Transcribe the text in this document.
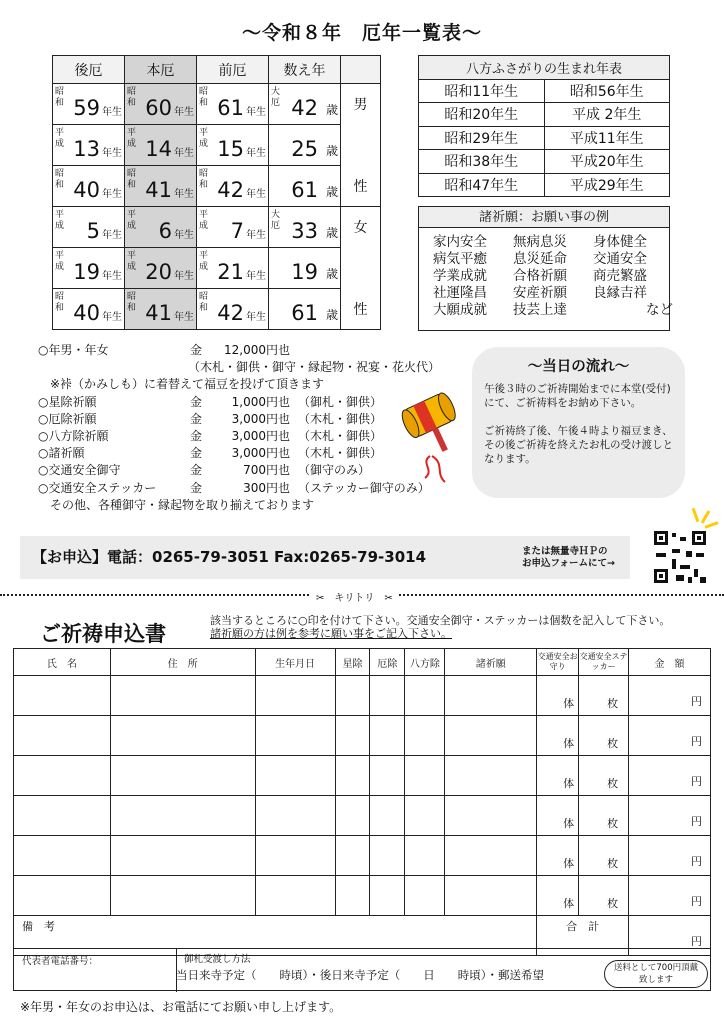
～令和８年　厄年一覧表～
後厄	本厄	前厄	数え年	

昭和 59 年生	昭和 60 年生	昭和 61 年生	大厄 42 歳	男

平成 13 年生	平成 14 年生	平成 15 年生	25 歳	

昭和 40 年生	昭和 41 年生	昭和 42 年生	61 歳	性

平成 5 年生	平成 6 年生	平成 7 年生	大厄 33 歳	女

平成 19 年生	平成 20 年生	平成 21 年生	19 歳	

昭和 40 年生	昭和 41 年生	昭和 42 年生	61 歳	性
八方ふさがりの生まれ年表	
昭和11年生	昭和56年生
昭和20年生	平成 2年生
昭和29年生	平成11年生
昭和38年生	平成20年生
昭和47年生	平成29年生
諸祈願：お願い事の例
家内安全	無病息災	身体健全
病気平癒	息災延命	交通安全
学業成就	合格祈願	商売繁盛
社運隆昌	安産祈願	良縁吉祥
大願成就	技芸上達	など
○年男・年女	金	12,000円也
（木札・御供・御守・縁起物・祝宴・花火代）
　※裃（かみしも）に着替えて福豆を投げて頂きます
○星除祈願	金	1,000円也 （御札・御供）
○厄除祈願	金	3,000円也 （木札・御供）
○八方除祈願	金	3,000円也 （木札・御供）
○諸祈願	金	3,000円也 （木札・御供）
○交通安全御守	金	700円也 （御守のみ）
○交通安全ステッカー	金	300円也 （ステッカー御守のみ）
　その他、各種御守・縁起物を取り揃えております
～当日の流れ～

午後３時のご祈祷開始までに本堂(受付)にて、ご祈祷料をお納め下さい。

ご祈祷終了後、午後４時より福豆まき、その後ご祈祷を終えたお札の受け渡しとなります。

【お申込】電話：0265-79-3051 Fax:0265-79-3014	または無量寺ＨＰの
お申込フォームにて→
✂　キリトリ　✂
ご祈祷申込書
該当するところに○印を付けて下さい。交通安全御守・ステッカーは個数を記入して下さい。
諸祈願の方は例を参考に願い事をご記入下さい。
氏　名	住　所	生年月日	星除	厄除	八方除	諸祈願	交通安全お守り	交通安全ステッカー	金　額

							体	枚	円

							体	枚	円

							体	枚	円

							体	枚	円

							体	枚	円

							体	枚	円

備　考							合　計		円
代表者電話番号：	御札受渡し方法
当日来寺予定（　　時頃）・後日来寺予定（　　日　　時頃）・郵送希望	送料として700円頂戴致します
※年男・年女のお申込は、お電話にてお願い申し上げます。
